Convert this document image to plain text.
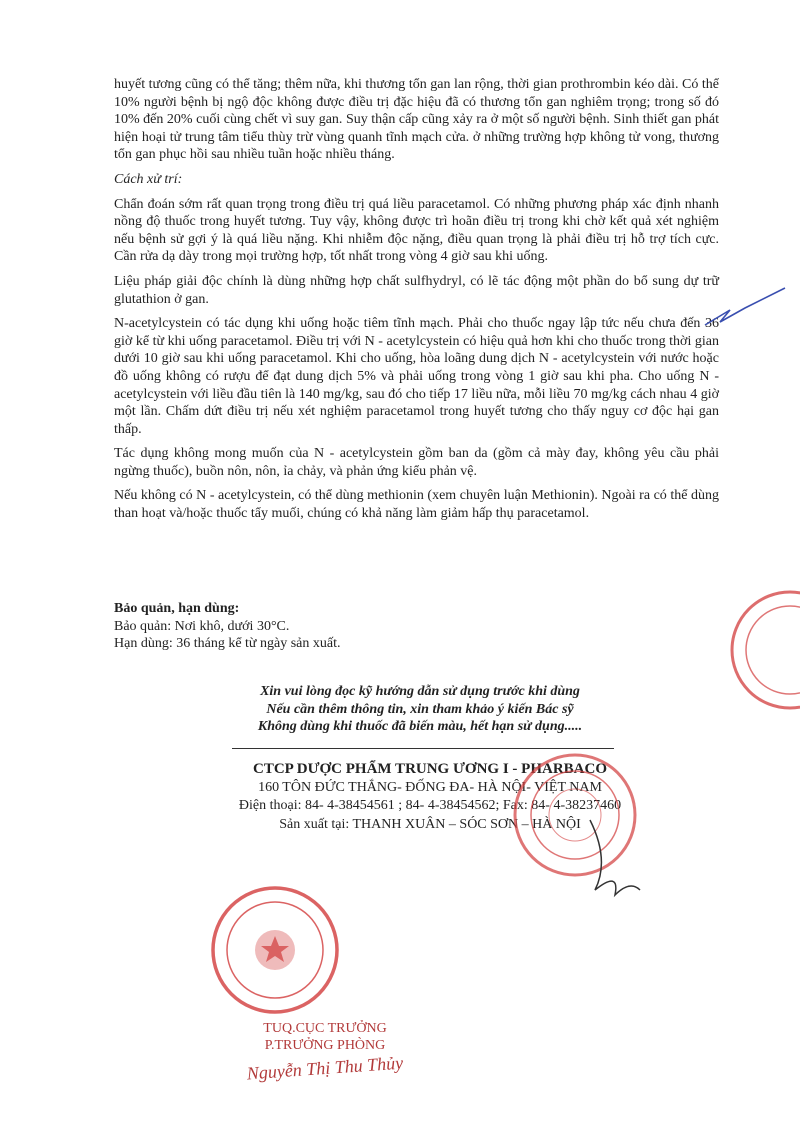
huyết tương cũng có thể tăng; thêm nữa, khi thương tổn gan lan rộng, thời gian prothrombin kéo dài. Có thể 10% người bệnh bị ngộ độc không được điều trị đặc hiệu đã có thương tổn gan nghiêm trọng; trong số đó 10% đến 20% cuối cùng chết vì suy gan. Suy thận cấp cũng xảy ra ở một số người bệnh. Sinh thiết gan phát hiện hoại tử trung tâm tiểu thùy trừ vùng quanh tĩnh mạch cửa. ở những trường hợp không tử vong, thương tổn gan phục hồi sau nhiều tuần hoặc nhiều tháng.

Cách xử trí:

Chẩn đoán sớm rất quan trọng trong điều trị quá liều paracetamol. Có những phương pháp xác định nhanh nồng độ thuốc trong huyết tương. Tuy vậy, không được trì hoãn điều trị trong khi chờ kết quả xét nghiệm nếu bệnh sử gợi ý là quá liều nặng. Khi nhiễm độc nặng, điều quan trọng là phải điều trị hỗ trợ tích cực. Cần rửa dạ dày trong mọi trường hợp, tốt nhất trong vòng 4 giờ sau khi uống.

Liệu pháp giải độc chính là dùng những hợp chất sulfhydryl, có lẽ tác động một phần do bổ sung dự trữ glutathion ở gan.

N-acetylcystein có tác dụng khi uống hoặc tiêm tĩnh mạch. Phải cho thuốc ngay lập tức nếu chưa đến 36 giờ kể từ khi uống paracetamol. Điều trị với N - acetylcystein có hiệu quả hơn khi cho thuốc trong thời gian dưới 10 giờ sau khi uống paracetamol. Khi cho uống, hòa loãng dung dịch N - acetylcystein với nước hoặc đồ uống không có rượu để đạt dung dịch 5% và phải uống trong vòng 1 giờ sau khi pha. Cho uống N - acetylcystein với liều đầu tiên là 140 mg/kg, sau đó cho tiếp 17 liều nữa, mỗi liều 70 mg/kg cách nhau 4 giờ một lần. Chấm dứt điều trị nếu xét nghiệm paracetamol trong huyết tương cho thấy nguy cơ độc hại gan thấp.

Tác dụng không mong muốn của N - acetylcystein gồm ban da (gồm cả mày đay, không yêu cầu phải ngừng thuốc), buồn nôn, nôn, ỉa chảy, và phản ứng kiểu phản vệ.

Nếu không có N - acetylcystein, có thể dùng methionin (xem chuyên luận Methionin). Ngoài ra có thể dùng than hoạt và/hoặc thuốc tẩy muối, chúng có khả năng làm giảm hấp thụ paracetamol.

Bảo quản, hạn dùng:
Bảo quản: Nơi khô, dưới 30°C.
Hạn dùng: 36 tháng kể từ ngày sản xuất.
Xin vui lòng đọc kỹ hướng dẫn sử dụng trước khi dùng
Nếu cần thêm thông tin, xin tham khảo ý kiến Bác sỹ
Không dùng khi thuốc đã biến màu, hết hạn sử dụng.....
CTCP DƯỢC PHẨM TRUNG ƯƠNG I - PHARBACO
160 TÔN ĐỨC THẮNG- ĐỐNG ĐA- HÀ NỘI- VIỆT NAM
Điện thoại: 84- 4-38454561 ; 84- 4-38454562; Fax: 84- 4-38237460
Sản xuất tại: THANH XUÂN – SÓC SƠN – HÀ NỘI
TUQ.CỤC TRƯỞNG
P.TRƯỞNG PHÒNG
Nguyễn Thị Thu Thủy
